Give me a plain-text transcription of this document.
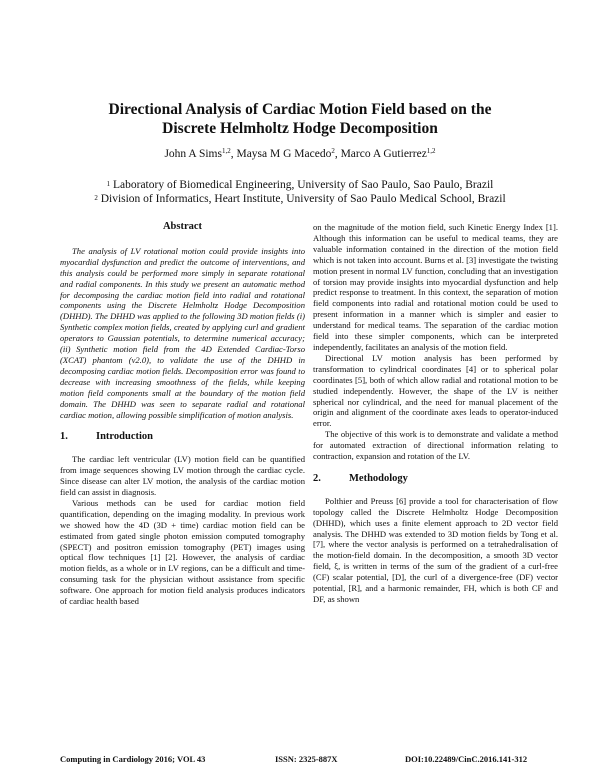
Directional Analysis of Cardiac Motion Field based on the
Discrete Helmholtz Hodge Decomposition
John A Sims$^{1,2}$, Maysa M G Macedo$^2$, Marco A Gutierrez$^{1,2}$
$^1$ Laboratory of Biomedical Engineering, University of Sao Paulo, Sao Paulo, Brazil
$^2$ Division of Informatics, Heart Institute, University of Sao Paulo Medical School, Brazil
Abstract

The analysis of LV rotational motion could provide insights into myocardial dysfunction and predict the outcome of interventions, and this analysis could be performed more simply in separate rotational and radial components. In this study we present an automatic method for decomposing the cardiac motion field into radial and rotational components using the Discrete Helmholtz Hodge Decomposition (DHHD). The DHHD was applied to the following 3D motion fields (i) Synthetic complex motion fields, created by applying curl and gradient operators to Gaussian potentials, to determine numerical accuracy; (ii) Synthetic motion field from the 4D Extended Cardiac-Torso (XCAT) phantom (v2.0), to validate the use of the DHHD in decomposing cardiac motion fields. Decomposition error was found to decrease with increasing smoothness of the fields, while keeping motion field components small at the boundary of the motion field domain. The DHHD was seen to separate radial and rotational cardiac motion, allowing possible simplification of motion analysis.

1.	Introduction

The cardiac left ventricular (LV) motion field can be quantified from image sequences showing LV motion through the cardiac cycle. Since disease can alter LV motion, the analysis of the cardiac motion field can assist in diagnosis.

Various methods can be used for cardiac motion field quantification, depending on the imaging modality. In previous work we showed how the 4D (3D + time) cardiac motion field can be estimated from gated single photon emission computed tomography (SPECT) and positron emission tomography (PET) images using optical flow techniques [1] [2]. However, the analysis of cardiac motion fields, as a whole or in LV regions, can be a difficult and time-consuming task for the physician without assistance from specific software. One approach for motion field analysis produces indicators of cardiac health based

on the magnitude of the motion field, such Kinetic Energy Index [1]. Although this information can be useful to medical teams, they are valuable information contained in the direction of the motion field which is not taken into account. Burns et al. [3] investigate the twisting motion present in normal LV function, concluding that an investigation of torsion may provide insights into myocardial dysfunction and help predict response to treatment. In this context, the separation of motion field components into radial and rotational motion could be used to present information in a manner which is simpler and easier to understand for medical teams. The separation of the cardiac motion field into these simpler components, which can be interpreted independently, facilitates an analysis of the motion field.

Directional LV motion analysis has been performed by transformation to cylindrical coordinates [4] or to spherical polar coordinates [5], both of which allow radial and rotational motion to be studied independently. However, the shape of the LV is neither spherical nor cylindrical, and the need for manual placement of the origin and alignment of the coordinate axes leads to operator-induced error.

The objective of this work is to demonstrate and validate a method for automated extraction of directional information relating to contraction, expansion and rotation of the LV.

2.	Methodology

Polthier and Preuss [6] provide a tool for characterisation of flow topology called the Discrete Helmholtz Hodge Decomposition (DHHD), which uses a finite element approach to 2D vector field analysis. The DHHD was extended to 3D motion fields by Tong et al. [7], where the vector analysis is performed on a tetrahedralisation of the motion-field domain. In the decomposition, a smooth 3D vector field, ξ, is written in terms of the sum of the gradient of a curl-free (CF) scalar potential, [D], the curl of a divergence-free (DF) vector potential, [R], and a harmonic remainder, FH, which is both CF and DF, as shown

Computing in Cardiology 2016; VOL 43	ISSN: 2325-887X	DOI:10.22489/CinC.2016.141-312
